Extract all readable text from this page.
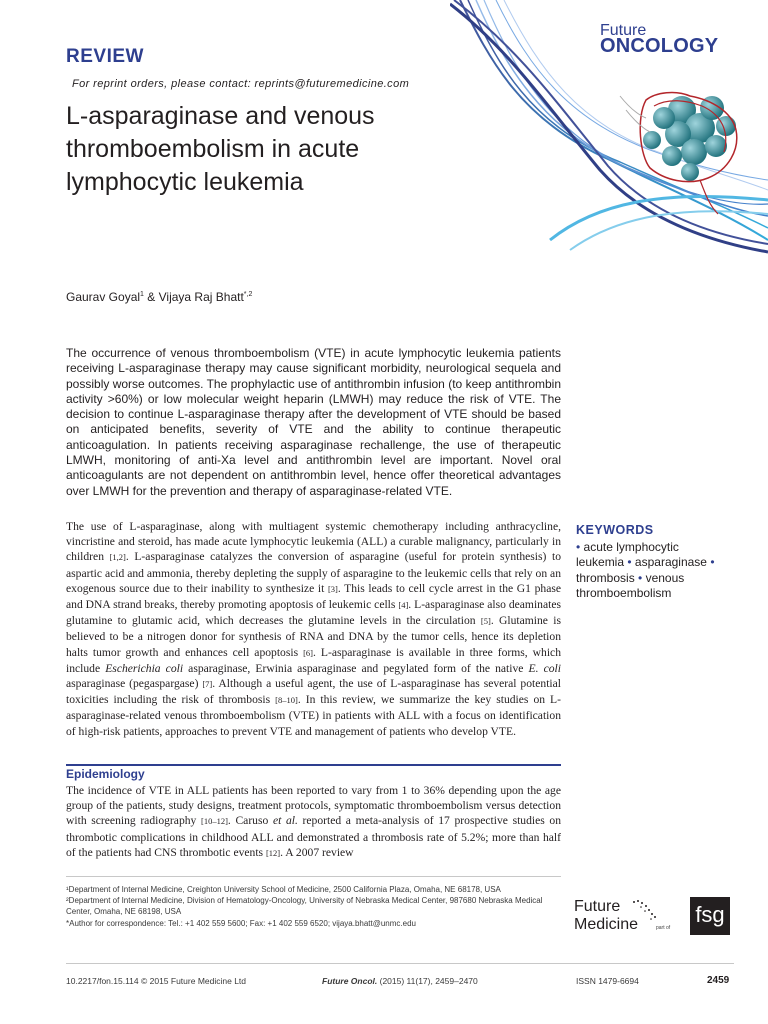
Future
ONCOLOGY
REVIEW
For reprint orders, please contact: reprints@futuremedicine.com
L-asparaginase and venous thromboembolism in acute lymphocytic leukemia
Gaurav Goyal$^1$ & Vijaya Raj Bhatt$^{*,2}$

The occurrence of venous thromboembolism (VTE) in acute lymphocytic leukemia patients receiving L-asparaginase therapy may cause significant morbidity, neurological sequela and possibly worse outcomes. The prophylactic use of antithrombin infusion (to keep antithrombin activity >60%) or low molecular weight heparin (LMWH) may reduce the risk of VTE. The decision to continue L-asparaginase therapy after the development of VTE should be based on anticipated benefits, severity of VTE and the ability to continue therapeutic anticoagulation. In patients receiving asparaginase rechallenge, the use of therapeutic LMWH, monitoring of anti-Xa level and antithrombin level are important. Novel oral anticoagulants are not dependent on antithrombin level, hence offer theoretical advantages over LMWH for the prevention and therapy of asparaginase-related VTE.

The use of L-asparaginase, along with multiagent systemic chemotherapy including anthracycline, vincristine and steroid, has made acute lymphocytic leukemia (ALL) a curable malignancy, particularly in children [1,2]. L-asparaginase catalyzes the conversion of asparagine (useful for protein synthesis) to aspartic acid and ammonia, thereby depleting the supply of asparagine to the leukemic cells that rely on an exogenous source due to their inability to synthesize it [3]. This leads to cell cycle arrest in the G1 phase and DNA strand breaks, thereby promoting apoptosis of leukemic cells [4]. L-asparaginase also deaminates glutamine to glutamic acid, which decreases the glutamine levels in the circulation [5]. Glutamine is believed to be a nitrogen donor for synthesis of RNA and DNA by the tumor cells, hence its depletion halts tumor growth and enhances cell apoptosis [6]. L-asparaginase is available in three forms, which include Escherichia coli asparaginase, Erwinia asparaginase and pegylated form of the native E. coli asparaginase (pegaspargase) [7]. Although a useful agent, the use of L-asparaginase has several potential toxicities including the risk of thrombosis [8–10]. In this review, we summarize the key studies on L-asparaginase-related venous thromboembolism (VTE) in patients with ALL with a focus on identification of high-risk patients, approaches to prevent VTE and management of patients who develop VTE.

Epidemiology

The incidence of VTE in ALL patients has been reported to vary from 1 to 36% depending upon the age group of the patients, study designs, treatment protocols, symptomatic thromboembolism versus detection with screening radiography [10–12]. Caruso et al. reported a meta-analysis of 17 prospective studies on thrombotic complications in childhood ALL and demonstrated a thrombosis rate of 5.2%; more than half of the patients had CNS thrombotic events [12]. A 2007 review

KEYWORDS
• acute lymphocytic leukemia • asparaginase • thrombosis • venous thromboembolism
¹Department of Internal Medicine, Creighton University School of Medicine, 2500 California Plaza, Omaha, NE 68178, USA
²Department of Internal Medicine, Division of Hematology-Oncology, University of Nebraska Medical Center, 987680 Nebraska Medical Center, Omaha, NE 68198, USA
*Author for correspondence: Tel.: +1 402 559 5600; Fax: +1 402 559 6520; vijaya.bhatt@unmc.edu
Future
Medicine	part of
fsg
10.2217/fon.15.114 © 2015 Future Medicine Ltd	Future Oncol. (2015) 11(17), 2459–2470	ISSN 1479-6694	2459
